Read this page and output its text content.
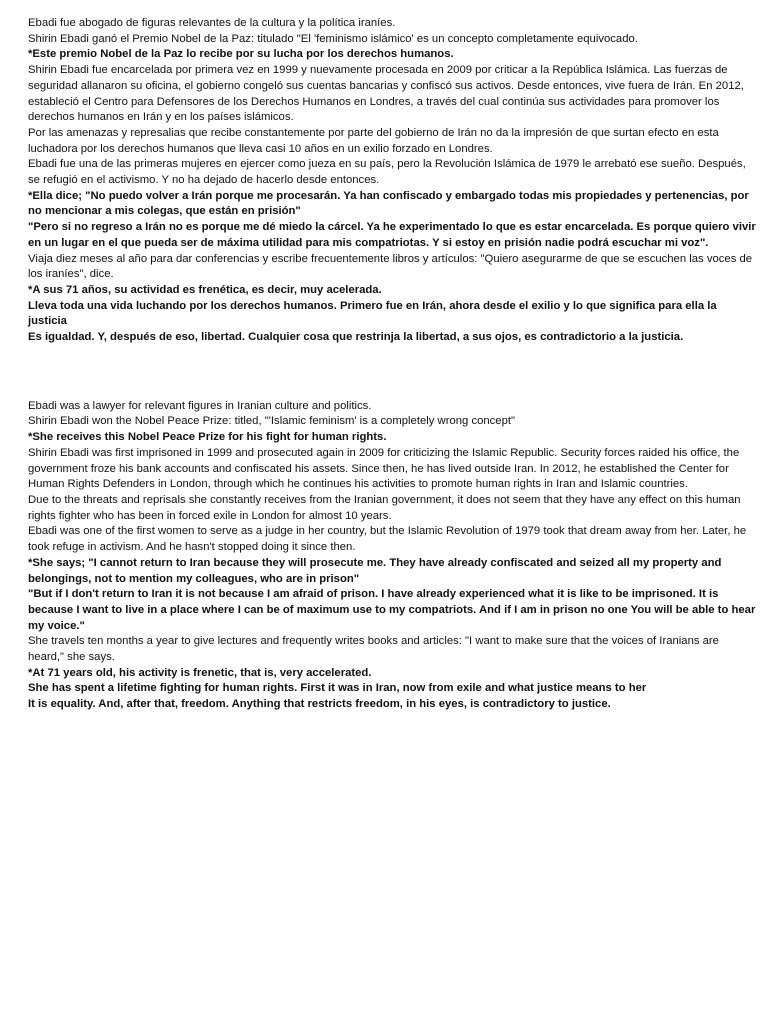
Ebadi fue abogado de figuras relevantes de la cultura y la política iraníes.

Shirin Ebadi ganó el Premio Nobel de la Paz: titulado "El 'feminismo islámico' es un concepto completamente equivocado.

*Este premio Nobel de la Paz lo recibe por su lucha por los derechos humanos.

Shirin Ebadi fue encarcelada por primera vez en 1999 y nuevamente procesada en 2009 por criticar a la República Islámica. Las fuerzas de seguridad allanaron su oficina, el gobierno congeló sus cuentas bancarias y confiscó sus activos. Desde entonces, vive fuera de Irán. En 2012, estableció el Centro para Defensores de los Derechos Humanos en Londres, a través del cual continúa sus actividades para promover los derechos humanos en Irán y en los países islámicos.

Por las amenazas y represalias que recibe constantemente por parte del gobierno de Irán no da la impresión de que surtan efecto en esta luchadora por los derechos humanos que lleva casi 10 años en un exilio forzado en Londres.

Ebadi fue una de las primeras mujeres en ejercer como jueza en su país, pero la Revolución Islámica de 1979 le arrebató ese sueño. Después, se refugió en el activismo. Y no ha dejado de hacerlo desde entonces.

*Ella dice; "No puedo volver a Irán porque me procesarán. Ya han confiscado y embargado todas mis propiedades y pertenencias, por no mencionar a mis colegas, que están en prisión"

"Pero si no regreso a Irán no es porque me dé miedo la cárcel. Ya he experimentado lo que es estar encarcelada. Es porque quiero vivir en un lugar en el que pueda ser de máxima utilidad para mis compatriotas. Y si estoy en prisión nadie podrá escuchar mi voz".

Viaja diez meses al año para dar conferencias y escribe frecuentemente libros y artículos: "Quiero asegurarme de que se escuchen las voces de los iraníes", dice.

*A sus 71 años, su actividad es frenética, es decir, muy acelerada.

Lleva toda una vida luchando por los derechos humanos. Primero fue en Irán, ahora desde el exilio y lo que significa para ella la justicia

Es igualdad. Y, después de eso, libertad. Cualquier cosa que restrinja la libertad, a sus ojos, es contradictorio a la justicia.

Ebadi was a lawyer for relevant figures in Iranian culture and politics.

Shirin Ebadi won the Nobel Peace Prize: titled, "'Islamic feminism' is a completely wrong concept"

*She receives this Nobel Peace Prize for his fight for human rights.

Shirin Ebadi was first imprisoned in 1999 and prosecuted again in 2009 for criticizing the Islamic Republic. Security forces raided his office, the government froze his bank accounts and confiscated his assets. Since then, he has lived outside Iran. In 2012, he established the Center for Human Rights Defenders in London, through which he continues his activities to promote human rights in Iran and Islamic countries.

Due to the threats and reprisals she constantly receives from the Iranian government, it does not seem that they have any effect on this human rights fighter who has been in forced exile in London for almost 10 years.

Ebadi was one of the first women to serve as a judge in her country, but the Islamic Revolution of 1979 took that dream away from her. Later, he took refuge in activism. And he hasn't stopped doing it since then.

*She says; "I cannot return to Iran because they will prosecute me. They have already confiscated and seized all my property and belongings, not to mention my colleagues, who are in prison"

"But if I don't return to Iran it is not because I am afraid of prison. I have already experienced what it is like to be imprisoned. It is because I want to live in a place where I can be of maximum use to my compatriots. And if I am in prison no one You will be able to hear my voice."

She travels ten months a year to give lectures and frequently writes books and articles: "I want to make sure that the voices of Iranians are heard," she says.

*At 71 years old, his activity is frenetic, that is, very accelerated.

She has spent a lifetime fighting for human rights. First it was in Iran, now from exile and what justice means to her

It is equality. And, after that, freedom. Anything that restricts freedom, in his eyes, is contradictory to justice.
